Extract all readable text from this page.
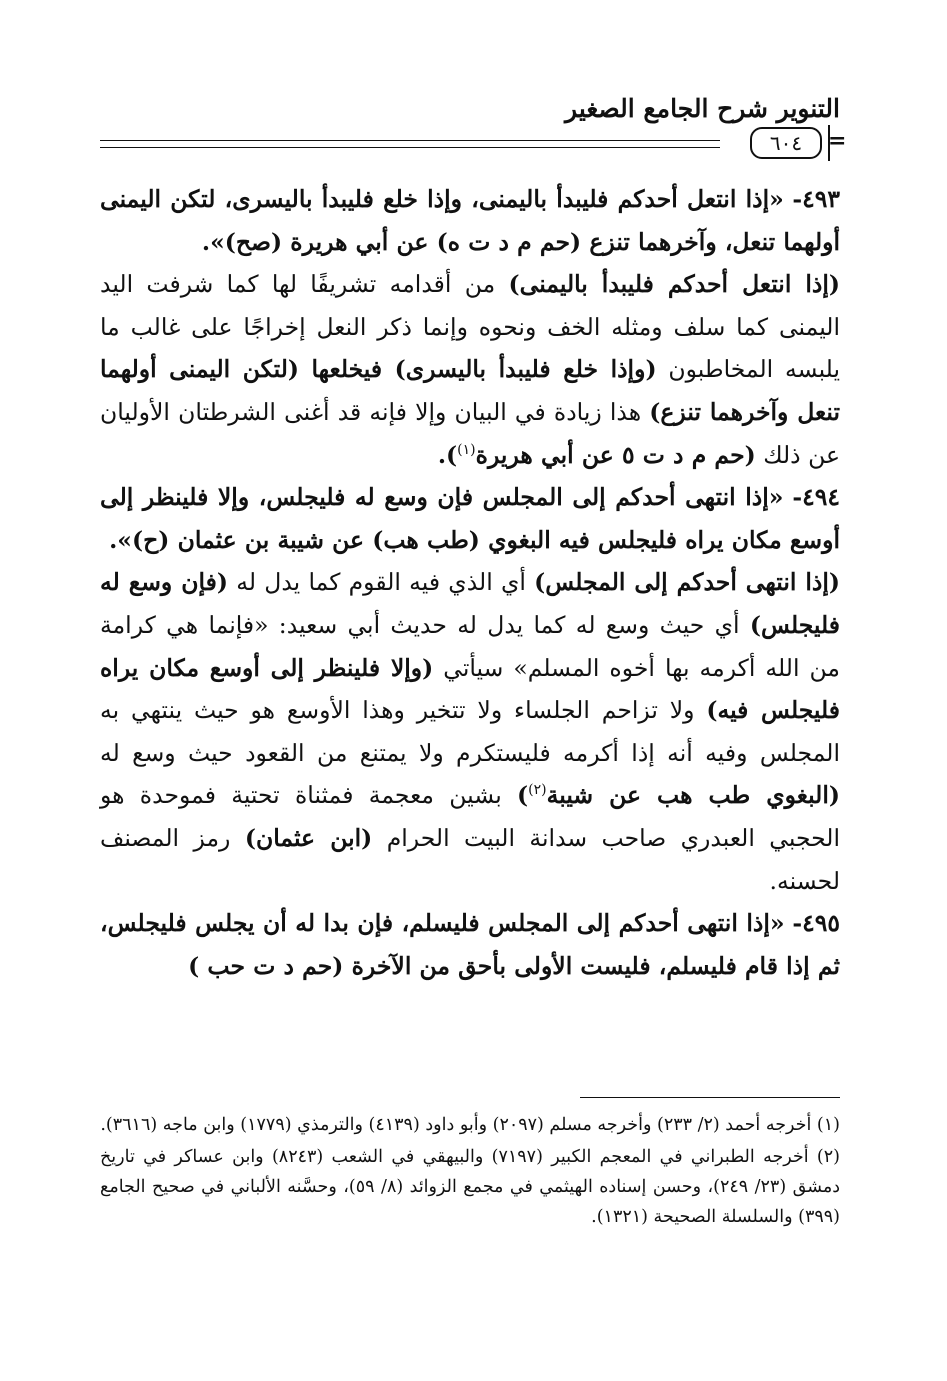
التنوير شرح الجامع الصغير
٦٠٤	=

٤٩٣- «إذا انتعل أحدكم فليبدأ باليمنى، وإذا خلع فليبدأ باليسرى، لتكن اليمنى أولهما تنعل، وآخرهما تنزع (حم م د ت ه) عن أبي هريرة (صح)».

(إذا انتعل أحدكم فليبدأ باليمنى) من أقدامه تشريفًا لها كما شرفت اليد اليمنى كما سلف ومثله الخف ونحوه وإنما ذكر النعل إخراجًا على غالب ما يلبسه المخاطبون (وإذا خلع فليبدأ باليسرى) فيخلعها (لتكن اليمنى أولهما تنعل وآخرهما تنزع) هذا زيادة في البيان وإلا فإنه قد أغنى الشرطتان الأوليان عن ذلك (حم م د ت ٥ عن أبي هريرة$^{(١)}$).

٤٩٤- «إذا انتهى أحدكم إلى المجلس فإن وسع له فليجلس، وإلا فلينظر إلى أوسع مكان يراه فليجلس فيه البغوي (طب هب) عن شيبة بن عثمان (ح)».

(إذا انتهى أحدكم إلى المجلس) أي الذي فيه القوم كما يدل له (فإن وسع له فليجلس) أي حيث وسع له كما يدل له حديث أبي سعيد: «فإنما هي كرامة من الله أكرمه بها أخوه المسلم» سيأتي (وإلا فلينظر إلى أوسع مكان يراه فليجلس فيه) ولا تزاحم الجلساء ولا تتخير وهذا الأوسع هو حيث ينتهي به المجلس وفيه أنه إذا أكرمه فليستكرم ولا يمتنع من القعود حيث وسع له (البغوي طب هب عن شيبة$^{(٢)}$) بشين معجمة فمثناة تحتية فموحدة هو الحجبي العبدري صاحب سدانة البيت الحرام (ابن عثمان) رمز المصنف لحسنه.

٤٩٥- «إذا انتهى أحدكم إلى المجلس فليسلم، فإن بدا له أن يجلس فليجلس، ثم إذا قام فليسلم، فليست الأولى بأحق من الآخرة (حم د ت حب )

(١) أخرجه أحمد (٢/ ٢٣٣) وأخرجه مسلم (٢٠٩٧) وأبو داود (٤١٣٩) والترمذي (١٧٧٩) وابن ماجه (٣٦١٦).

(٢) أخرجه الطبراني في المعجم الكبير (٧١٩٧) والبيهقي في الشعب (٨٢٤٣) وابن عساكر في تاريخ دمشق (٢٣/ ٢٤٩)، وحسن إسناده الهيثمي في مجمع الزوائد (٨/ ٥٩)، وحسَّنه الألباني في صحيح الجامع (٣٩٩) والسلسلة الصحيحة (١٣٢١).
